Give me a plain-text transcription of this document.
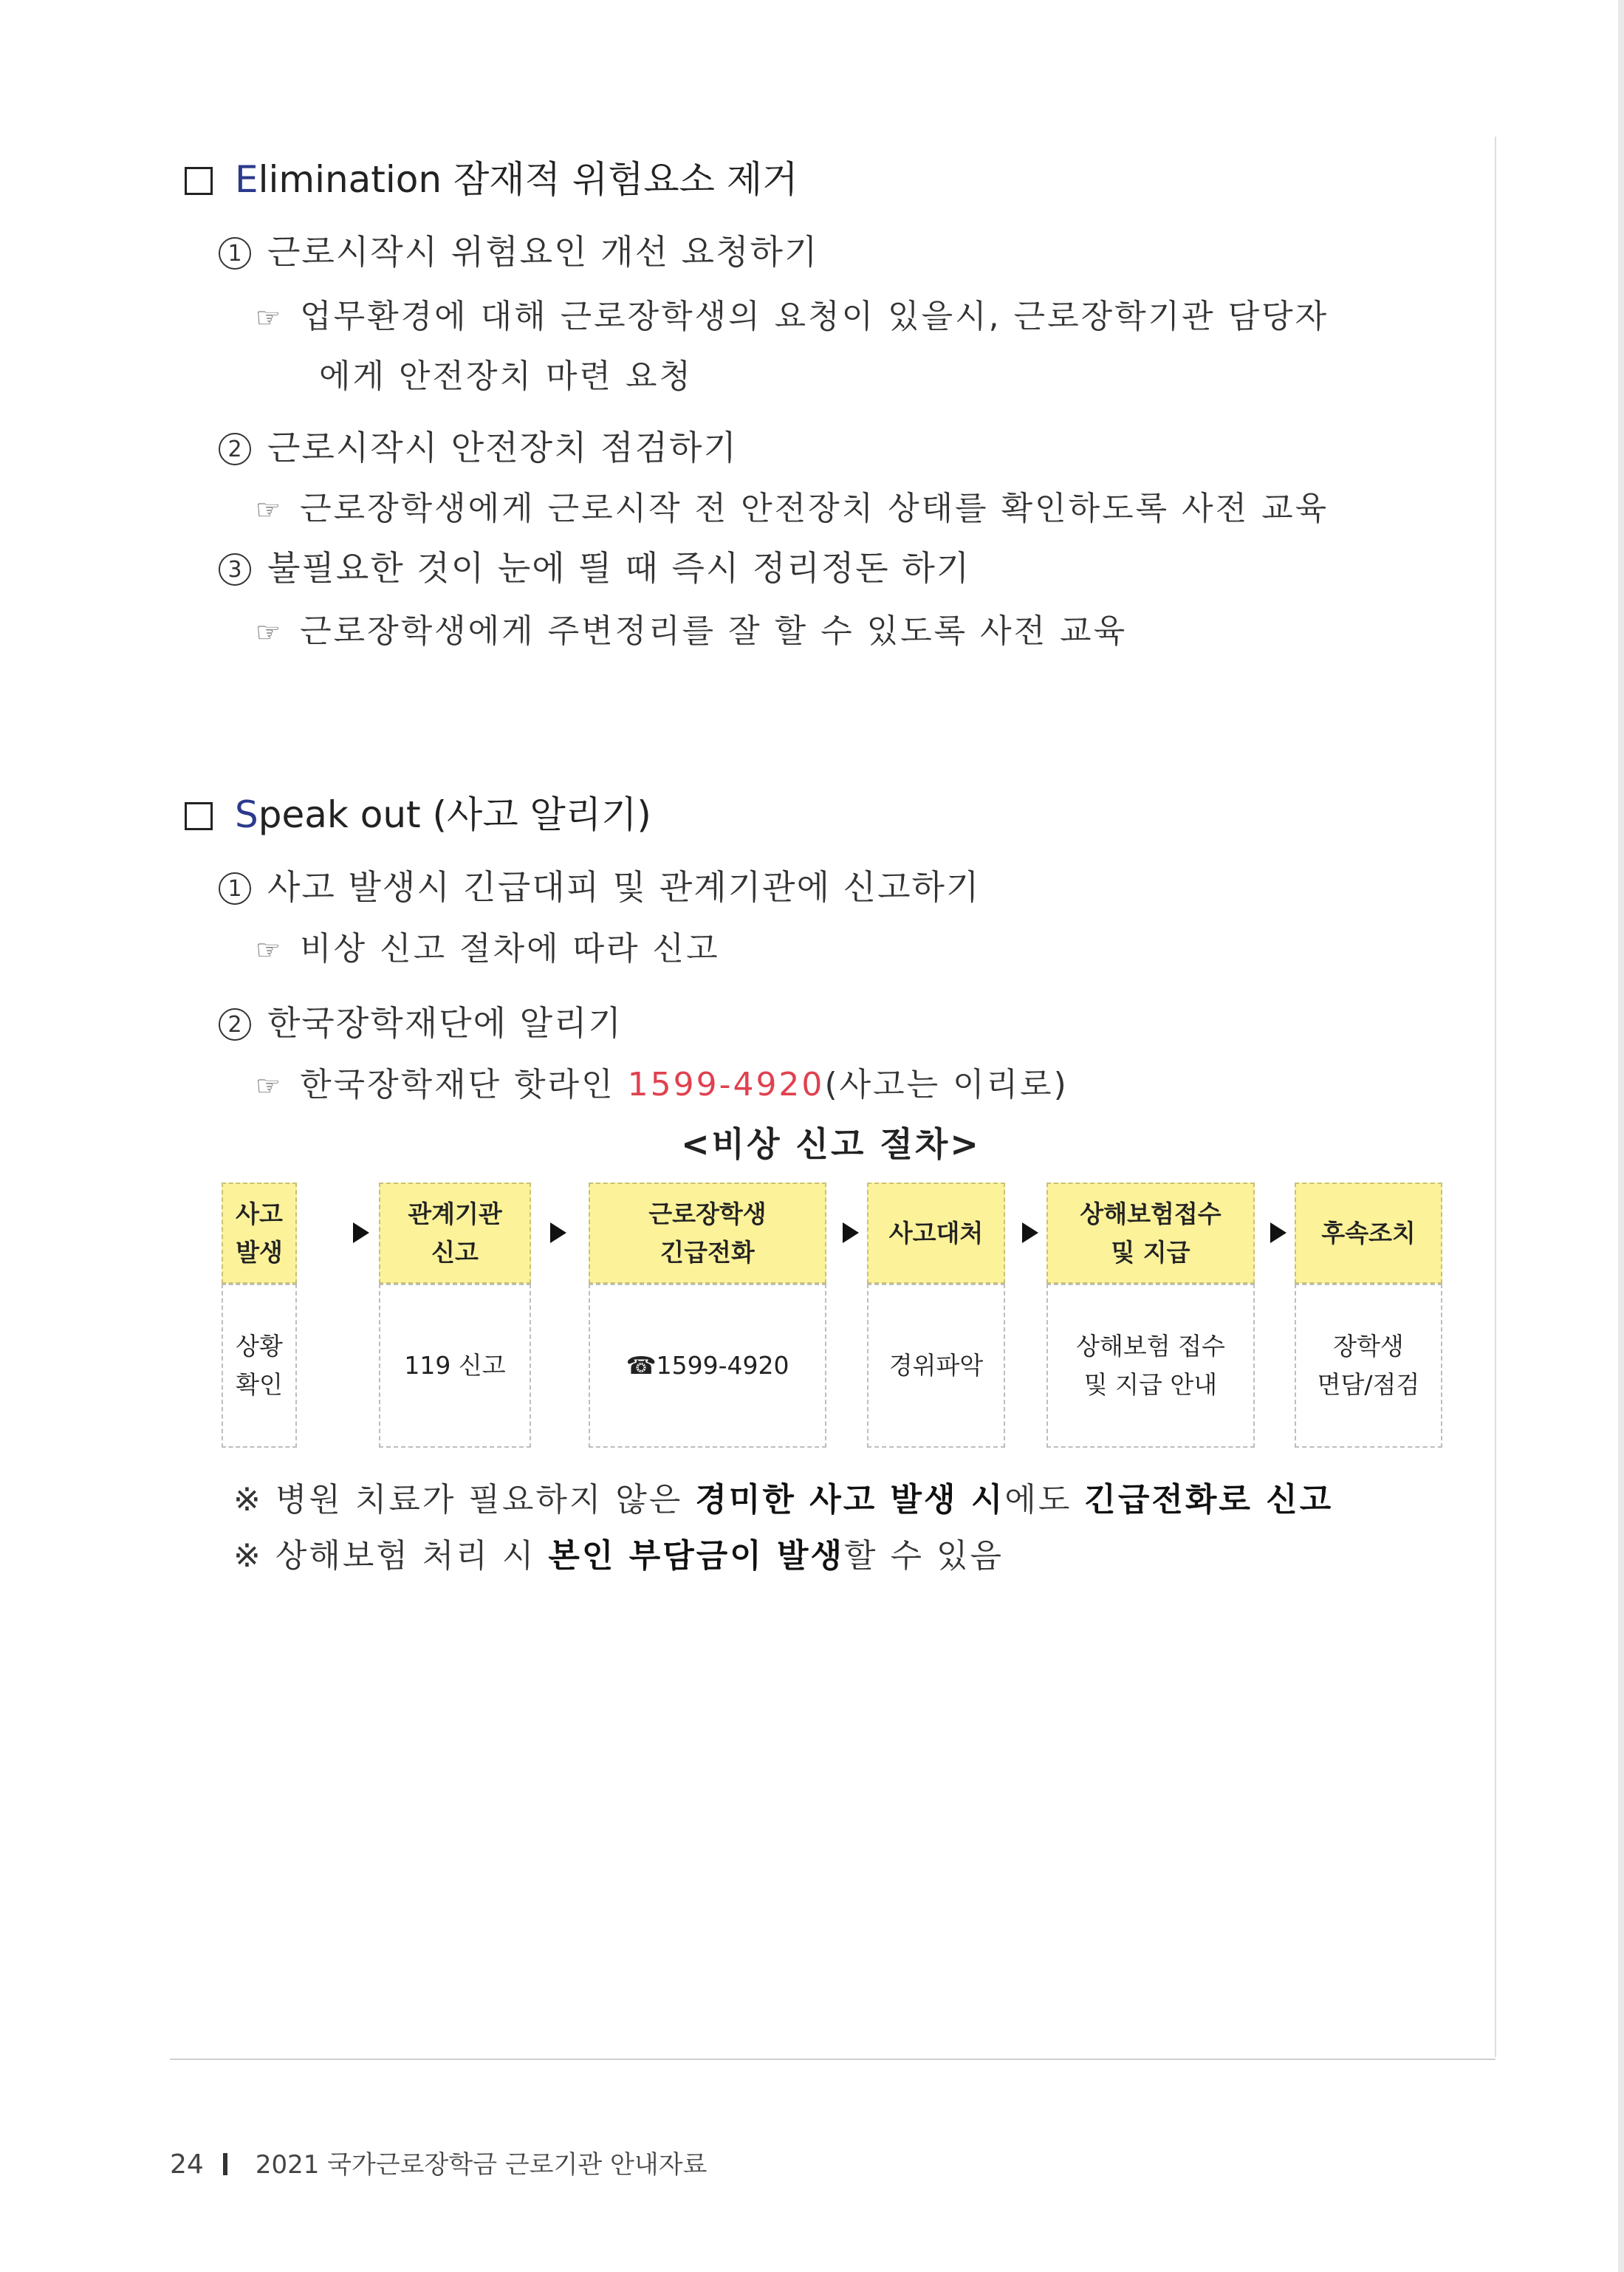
Elimination 잠재적 위험요소 제거
1 근로시작시 위험요인 개선 요청하기
☞ 업무환경에 대해 근로장학생의 요청이 있을시, 근로장학기관 담당자
에게 안전장치 마련 요청
2 근로시작시 안전장치 점검하기
☞ 근로장학생에게 근로시작 전 안전장치 상태를 확인하도록 사전 교육
3 불필요한 것이 눈에 띌 때 즉시 정리정돈 하기
☞ 근로장학생에게 주변정리를 잘 할 수 있도록 사전 교육
Speak out (사고 알리기)
1 사고 발생시 긴급대피 및 관계기관에 신고하기
☞ 비상 신고 절차에 따라 신고
2 한국장학재단에 알리기
☞ 한국장학재단 핫라인 1599-4920(사고는 이리로)
<비상 신고 절차>
사고
발생
상황
확인
관계기관
신고
119 신고
근로장학생
긴급전화
☎1599-4920
사고대처
경위파악
상해보험접수
및 지급
상해보험 접수
및 지급 안내
후속조치
장학생
면담/점검
※ 병원 치료가 필요하지 않은 경미한 사고 발생 시에도 긴급전화로 신고
※ 상해보험 처리 시 본인 부담금이 발생할 수 있음
24 2021 국가근로장학금 근로기관 안내자료
